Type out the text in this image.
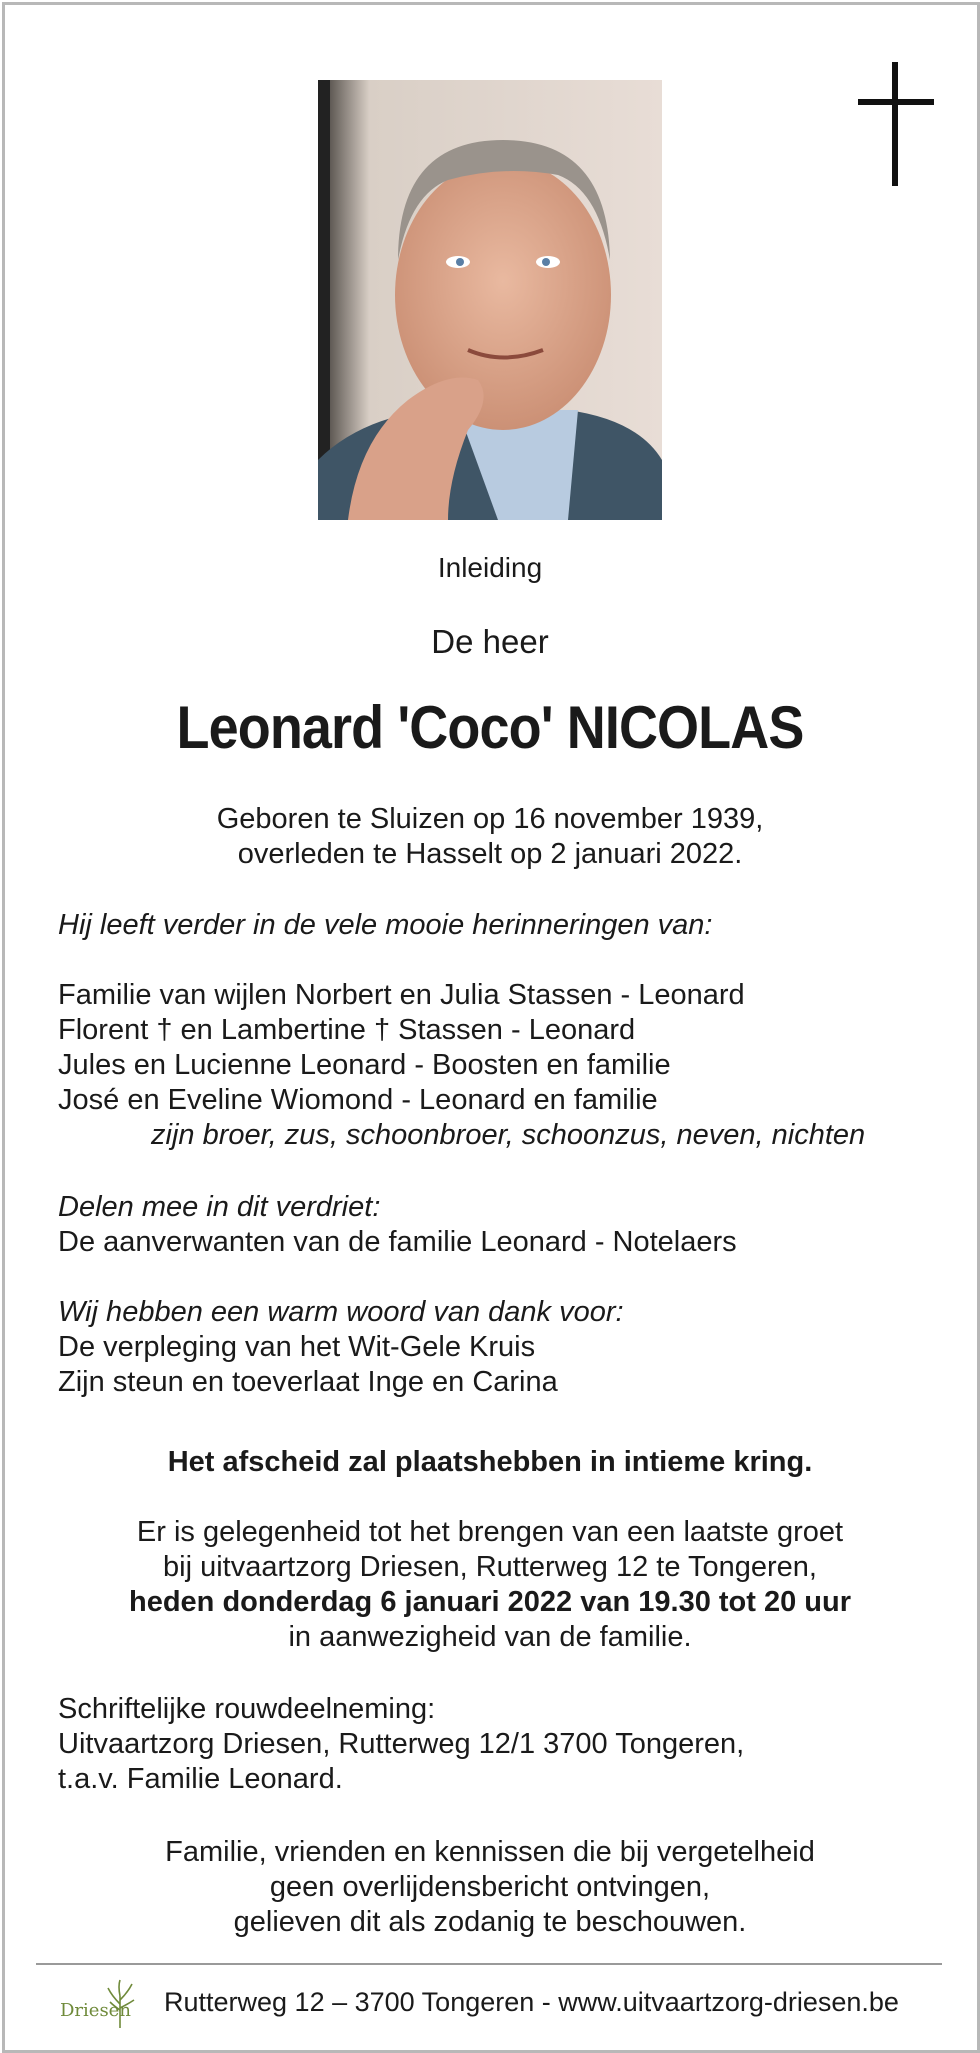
Inleiding
De heer
Leonard 'Coco' NICOLAS
Geboren te Sluizen op 16 november 1939,
overleden te Hasselt op 2 januari 2022.
Hij leeft verder in de vele mooie herinneringen van:
Familie van wijlen Norbert en Julia Stassen - Leonard
Florent † en Lambertine † Stassen - Leonard
Jules en Lucienne Leonard - Boosten en familie
José en Eveline Wiomond - Leonard en familie
zijn broer, zus, schoonbroer, schoonzus, neven, nichten
Delen mee in dit verdriet:
De aanverwanten van de familie Leonard - Notelaers
Wij hebben een warm woord van dank voor:
De verpleging van het Wit-Gele Kruis
Zijn steun en toeverlaat Inge en Carina
Het afscheid zal plaatshebben in intieme kring.
Er is gelegenheid tot het brengen van een laatste groet
bij uitvaartzorg Driesen, Rutterweg 12 te Tongeren,
heden donderdag 6 januari 2022 van 19.30 tot 20 uur
in aanwezigheid van de familie.
Schriftelijke rouwdeelneming:
Uitvaartzorg Driesen, Rutterweg 12/1 3700 Tongeren,
t.a.v. Familie Leonard.
Familie, vrienden en kennissen die bij vergetelheid
geen overlijdensbericht ontvingen,
gelieven dit als zodanig te beschouwen.
Driesen Rutterweg 12 – 3700 Tongeren - www.uitvaartzorg-driesen.be
